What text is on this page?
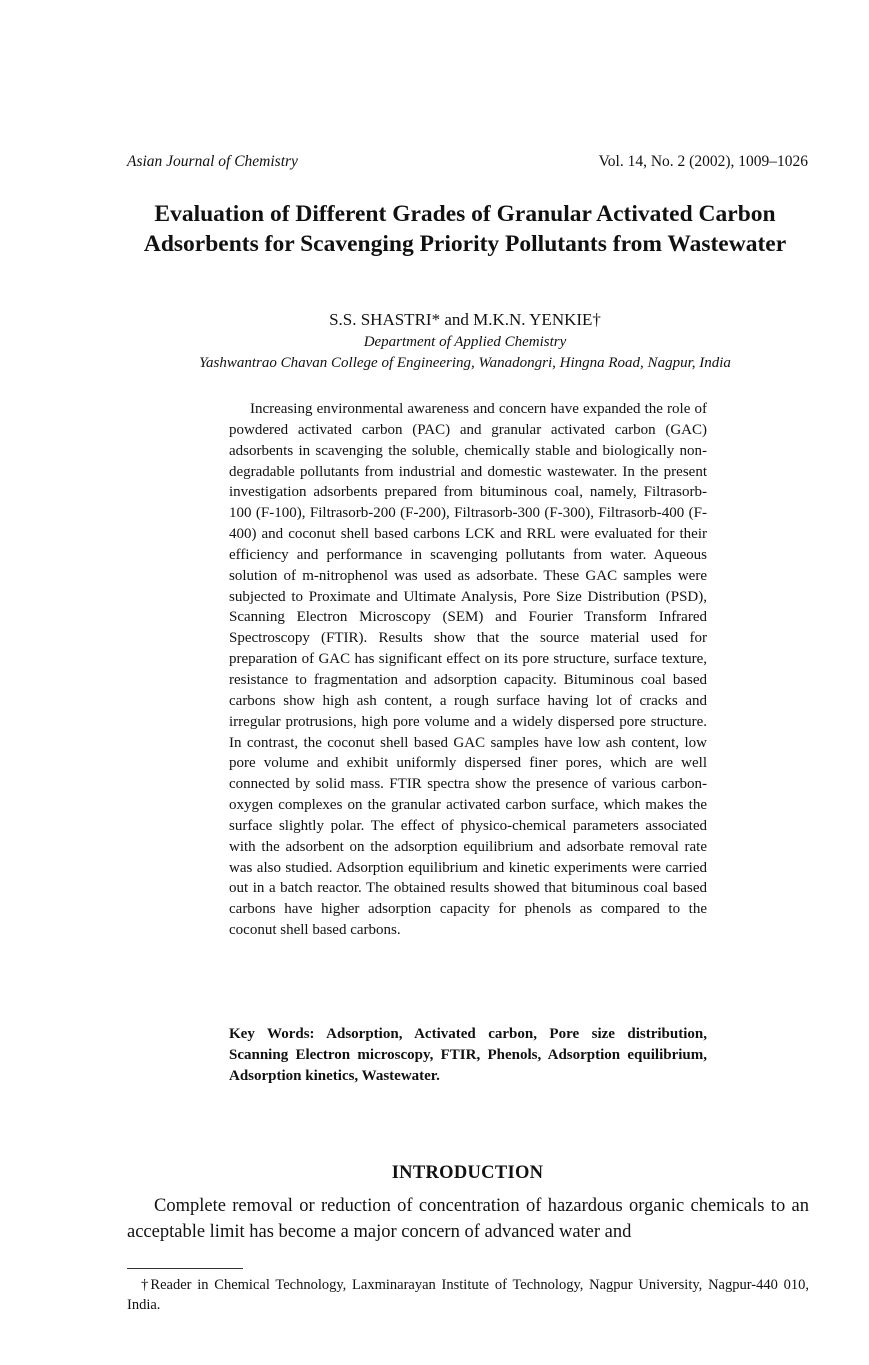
Asian Journal of Chemistry	Vol. 14, No. 2 (2002), 1009–1026
Evaluation of Different Grades of Granular Activated Carbon Adsorbents for Scavenging Priority Pollutants from Wastewater
S.S. SHASTRI* and M.K.N. YENKIE†
Department of Applied Chemistry
Yashwantrao Chavan College of Engineering, Wanadongri, Hingna Road, Nagpur, India
Increasing environmental awareness and concern have expanded the role of powdered activated carbon (PAC) and granular activated carbon (GAC) adsorbents in scavenging the soluble, chemically stable and biologically non-degradable pollutants from industrial and domestic wastewater. In the present investigation adsorbents prepared from bituminous coal, namely, Filtrasorb-100 (F-100), Filtrasorb-200 (F-200), Filtrasorb-300 (F-300), Filtrasorb-400 (F-400) and coconut shell based carbons LCK and RRL were evaluated for their efficiency and performance in scavenging pollutants from water. Aqueous solution of m-nitrophenol was used as adsorbate. These GAC samples were subjected to Proximate and Ultimate Analysis, Pore Size Distribution (PSD), Scanning Electron Microscopy (SEM) and Fourier Transform Infrared Spectroscopy (FTIR). Results show that the source material used for preparation of GAC has significant effect on its pore structure, surface texture, resistance to fragmentation and adsorption capacity. Bituminous coal based carbons show high ash content, a rough surface having lot of cracks and irregular protrusions, high pore volume and a widely dispersed pore structure. In contrast, the coconut shell based GAC samples have low ash content, low pore volume and exhibit uniformly dispersed finer pores, which are well connected by solid mass. FTIR spectra show the presence of various carbon-oxygen complexes on the granular activated carbon surface, which makes the surface slightly polar. The effect of physico-chemical parameters associated with the adsorbent on the adsorption equilibrium and adsorbate removal rate was also studied. Adsorption equilibrium and kinetic experiments were carried out in a batch reactor. The obtained results showed that bituminous coal based carbons have higher adsorption capacity for phenols as compared to the coconut shell based carbons.
Key Words: Adsorption, Activated carbon, Pore size distribution, Scanning Electron microscopy, FTIR, Phenols, Adsorption equilibrium, Adsorption kinetics, Wastewater.
INTRODUCTION
Complete removal or reduction of concentration of hazardous organic chemicals to an acceptable limit has become a major concern of advanced water and
†Reader in Chemical Technology, Laxminarayan Institute of Technology, Nagpur University, Nagpur-440 010, India.
